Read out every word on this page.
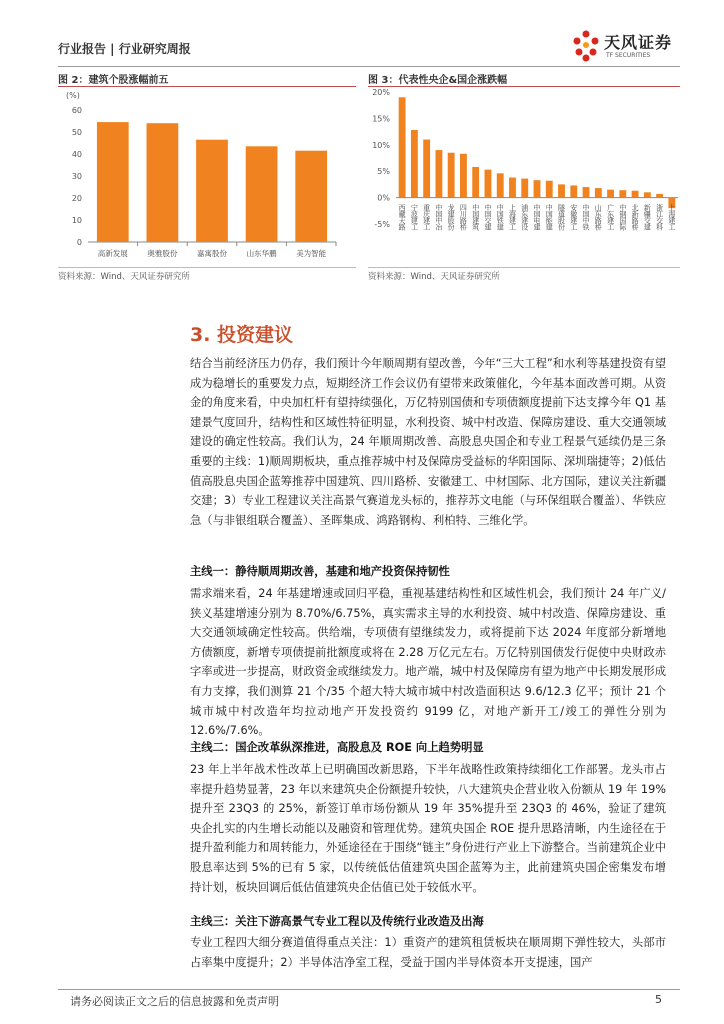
行业报告 | 行业研究周报	天风证券
TF SECURITIES
图 2：建筑个股涨幅前五
(%)
0
10
20
30
40
50
60
高新发展	奥雅股份	嘉寓股份	山东华鹏	美为智能
资料来源：Wind、天风证券研究所
图 3：代表性央企&国企涨跌幅
-5%
0%
5%
10%
15%
20%
西藏天路 宁波建工 重庆建工 中国中冶 龙建股份 四川路桥 中国建筑 中国交建 中国铁建 上海建工 浦东建设 中国电建 中国能建 隧道股份 安徽建工 中国中铁 山东路桥 广东建工 中钢国际 北新路桥 新疆交建 浙江交科 上海建工
资料来源：Wind、天风证券研究所
3. 投资建议
结合当前经济压力仍存，我们预计今年顺周期有望改善，今年“三大工程”和水利等基建投资有望成为稳增长的重要发力点，短期经济工作会议仍有望带来政策催化，今年基本面改善可期。从资金的角度来看，中央加杠杆有望持续强化，万亿特别国债和专项债额度提前下达支撑今年 Q1 基建景气度回升，结构性和区域性特征明显，水利投资、城中村改造、保障房建设、重大交通领域建设的确定性较高。我们认为，24 年顺周期改善、高股息央国企和专业工程景气延续仍是三条重要的主线：1)顺周期板块，重点推荐城中村及保障房受益标的华阳国际、深圳瑞捷等；2)低估值高股息央国企蓝筹推荐中国建筑、四川路桥、安徽建工、中材国际、北方国际，建议关注新疆交建；3）专业工程建议关注高景气赛道龙头标的，推荐苏文电能（与环保组联合覆盖）、华铁应急（与非银组联合覆盖）、圣晖集成、鸿路钢构、利柏特、三维化学。
主线一：静待顺周期改善，基建和地产投资保持韧性
需求端来看，24 年基建增速或回归平稳，重视基建结构性和区域性机会，我们预计 24 年广义/狭义基建增速分别为 8.70%/6.75%，真实需求主导的水利投资、城中村改造、保障房建设、重大交通领域确定性较高。供给端，专项债有望继续发力，或将提前下达 2024 年度部分新增地方债额度，新增专项债提前批额度或将在 2.28 万亿元左右。万亿特别国债发行促使中央财政赤字率或进一步提高，财政资金或继续发力。地产端，城中村及保障房有望为地产中长期发展形成有力支撑，我们测算 21 个/35 个超大特大城市城中村改造面积达 9.6/12.3 亿平；预计 21 个城市城中村改造年均拉动地产开发投资约 9199 亿，对地产新开工/竣工的弹性分别为 12.6%/7.6%。
主线二：国企改革纵深推进，高股息及 ROE 向上趋势明显
23 年上半年战术性改革上已明确国改新思路，下半年战略性政策持续细化工作部署。龙头市占率提升趋势显著，23 年以来建筑央企份额提升较快，八大建筑央企营业收入份额从 19 年 19%提升至 23Q3 的 25%，新签订单市场份额从 19 年 35%提升至 23Q3 的 46%，验证了建筑央企扎实的内生增长动能以及融资和管理优势。建筑央国企 ROE 提升思路清晰，内生途径在于提升盈利能力和周转能力，外延途径在于围绕“链主”身份进行产业上下游整合。当前建筑企业中股息率达到 5%的已有 5 家，以传统低估值建筑央国企蓝筹为主，此前建筑央国企密集发布增持计划，板块回调后低估值建筑央企估值已处于较低水平。
主线三：关注下游高景气专业工程以及传统行业改造及出海
专业工程四大细分赛道值得重点关注：1）重资产的建筑租赁板块在顺周期下弹性较大，头部市占率集中度提升；2）半导体洁净室工程，受益于国内半导体资本开支提速，国产
请务必阅读正文之后的信息披露和免责声明	5
